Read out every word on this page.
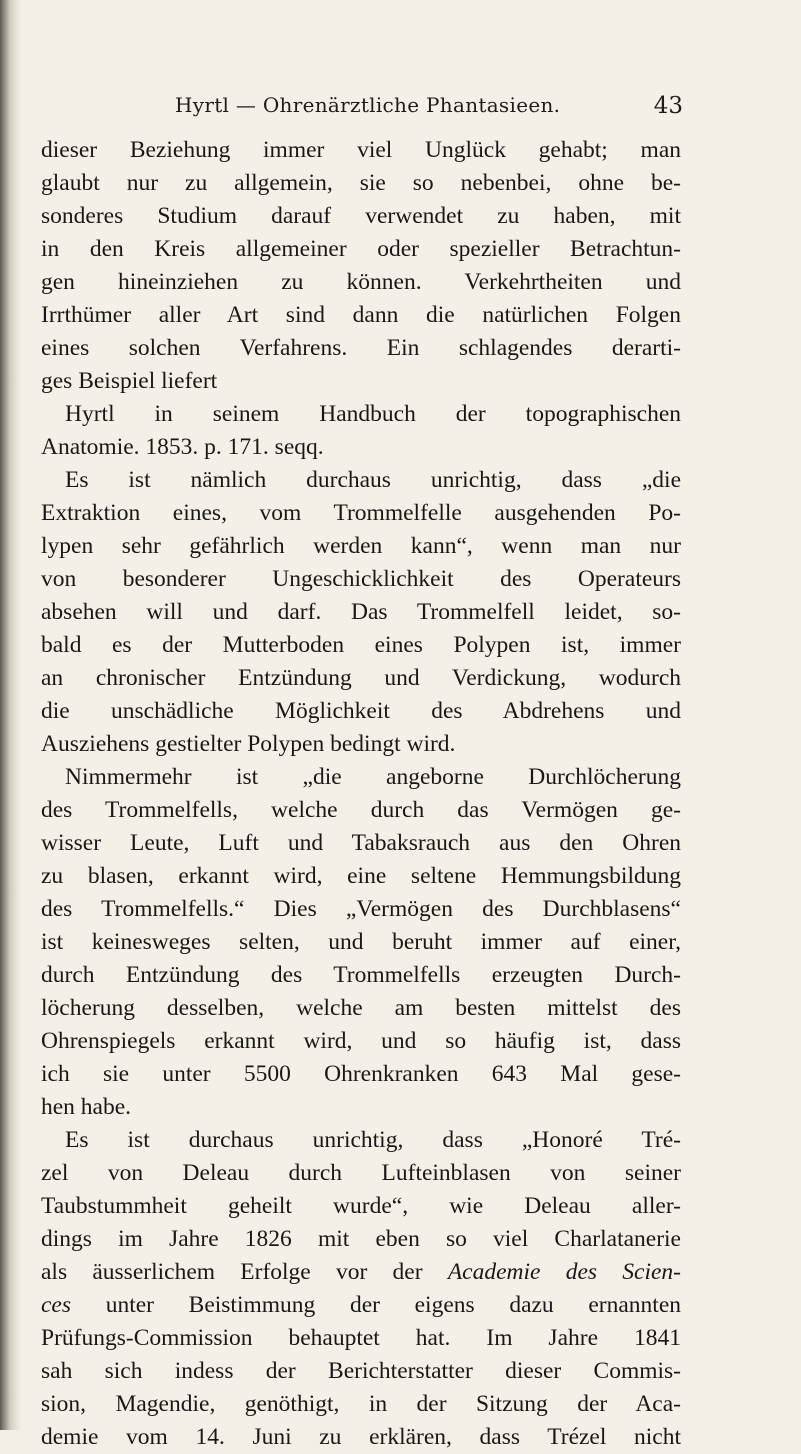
Hyrtl — Ohrenärztliche Phantasieen.	43
dieser Beziehung immer viel Unglück gehabt; man
glaubt nur zu allgemein, sie so nebenbei, ohne be-
sonderes Studium darauf verwendet zu haben, mit
in den Kreis allgemeiner oder spezieller Betrachtun-
gen hineinziehen zu können. Verkehrtheiten und
Irrthümer aller Art sind dann die natürlichen Folgen
eines solchen Verfahrens. Ein schlagendes derarti-
ges Beispiel liefert
Hyrtl in seinem Handbuch der topographischen
Anatomie. 1853. p. 171. seqq.
Es ist nämlich durchaus unrichtig, dass „die
Extraktion eines, vom Trommelfelle ausgehenden Po-
lypen sehr gefährlich werden kann“, wenn man nur
von besonderer Ungeschicklichkeit des Operateurs
absehen will und darf. Das Trommelfell leidet, so-
bald es der Mutterboden eines Polypen ist, immer
an chronischer Entzündung und Verdickung, wodurch
die unschädliche Möglichkeit des Abdrehens und
Ausziehens gestielter Polypen bedingt wird.
Nimmermehr ist „die angeborne Durchlöcherung
des Trommelfells, welche durch das Vermögen ge-
wisser Leute, Luft und Tabaksrauch aus den Ohren
zu blasen, erkannt wird, eine seltene Hemmungsbildung
des Trommelfells.“ Dies „Vermögen des Durchblasens“
ist keinesweges selten, und beruht immer auf einer,
durch Entzündung des Trommelfells erzeugten Durch-
löcherung desselben, welche am besten mittelst des
Ohrenspiegels erkannt wird, und so häufig ist, dass
ich sie unter 5500 Ohrenkranken 643 Mal gese-
hen habe.
Es ist durchaus unrichtig, dass „Honoré Tré-
zel von Deleau durch Lufteinblasen von seiner
Taubstummheit geheilt wurde“, wie Deleau aller-
dings im Jahre 1826 mit eben so viel Charlatanerie
als äusserlichem Erfolge vor der Academie des Scien-
ces unter Beistimmung der eigens dazu ernannten
Prüfungs-Commission behauptet hat. Im Jahre 1841
sah sich indess der Berichterstatter dieser Commis-
sion, Magendie, genöthigt, in der Sitzung der Aca-
demie vom 14. Juni zu erklären, dass Trézel nicht
